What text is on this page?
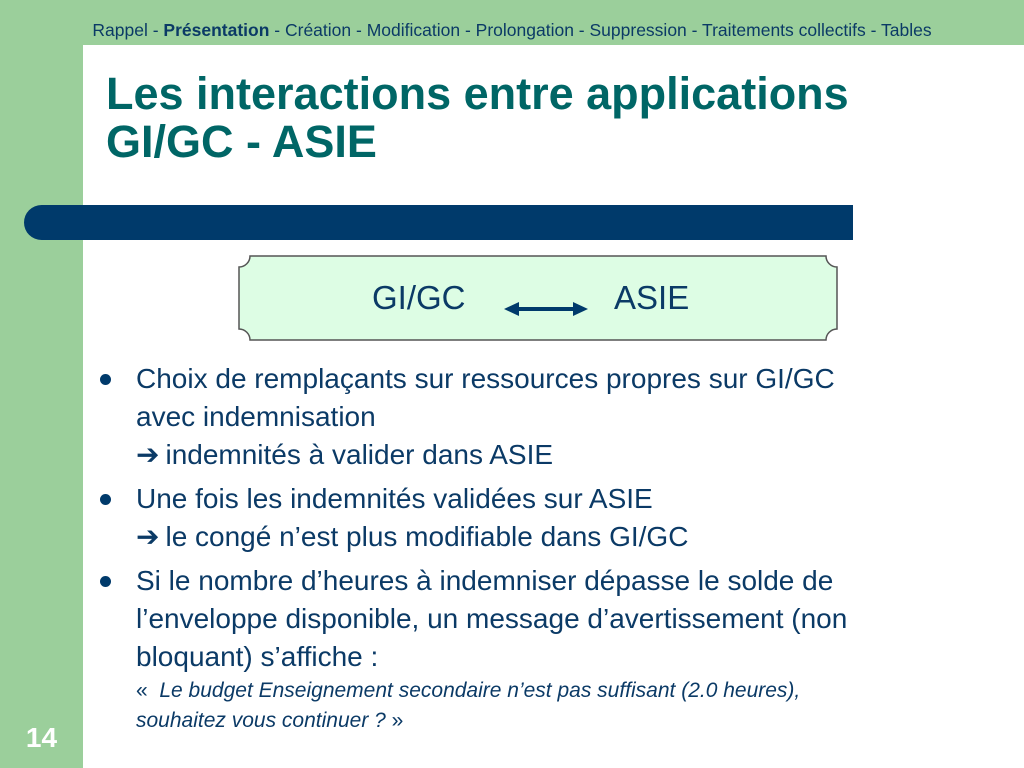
Rappel - Présentation - Création - Modification - Prolongation - Suppression - Traitements collectifs - Tables
Les interactions entre applications
GI/GC - ASIE
GI/GC	ASIE
Choix de remplaçants sur ressources propres sur GI/GC
avec indemnisation
➔ indemnités à valider dans ASIE
Une fois les indemnités validées sur ASIE
➔ le congé n’est plus modifiable dans GI/GC
Si le nombre d’heures à indemniser dépasse le solde de
l’enveloppe disponible, un message d’avertissement (non
bloquant) s’affiche :
« Le budget Enseignement secondaire n’est pas suffisant (2.0 heures),
souhaitez vous continuer ? »
14
